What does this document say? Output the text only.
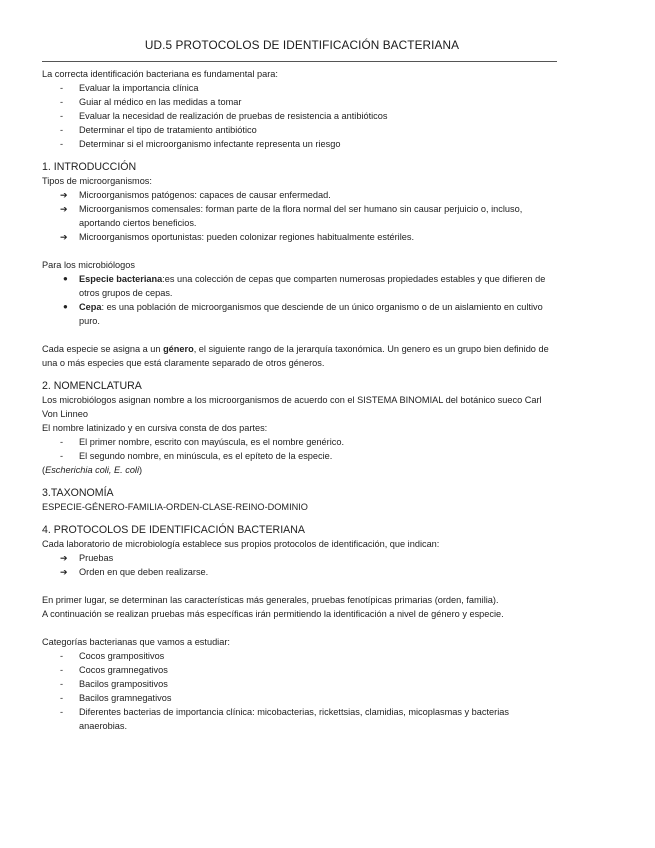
UD.5 PROTOCOLOS DE IDENTIFICACIÓN BACTERIANA

La correcta identificación bacteriana es fundamental para:

- Evaluar la importancia clínica
- Guiar al médico en las medidas a tomar
- Evaluar la necesidad de realización de pruebas de resistencia a antibióticos
- Determinar el tipo de tratamiento antibiótico
- Determinar si el microorganismo infectante representa un riesgo
1. INTRODUCCIÓN

Tipos de microorganismos:

➔ Microorganismos patógenos: capaces de causar enfermedad.
➔ Microorganismos comensales: forman parte de la flora normal del ser humano sin causar perjuicio o, incluso, aportando ciertos beneficios.
➔ Microorganismos oportunistas: pueden colonizar regiones habitualmente estériles.

Para los microbiólogos

● Especie bacteriana:es una colección de cepas que comparten numerosas propiedades estables y que difieren de otros grupos de cepas.
● Cepa: es una población de microorganismos que desciende de un único organismo o de un aislamiento en cultivo puro.

Cada especie se asigna a un género, el siguiente rango de la jerarquía taxonómica. Un genero es un grupo bien definido de una o más especies que está claramente separado de otros géneros.

2. NOMENCLATURA

Los microbiólogos asignan nombre a los microorganismos de acuerdo con el SISTEMA BINOMIAL del botánico sueco Carl Von Linneo

El nombre latinizado y en cursiva consta de dos partes:

- El primer nombre, escrito con mayúscula, es el nombre genérico.
- El segundo nombre, en minúscula, es el epíteto de la especie.

(Escherichia coli, E. coli)

3.TAXONOMÍA

ESPECIE-GÉNERO-FAMILIA-ORDEN-CLASE-REINO-DOMINIO

4. PROTOCOLOS DE IDENTIFICACIÓN BACTERIANA

Cada laboratorio de microbiología establece sus propios protocolos de identificación, que indican:

➔ Pruebas
➔ Orden en que deben realizarse.

En primer lugar, se determinan las características más generales, pruebas fenotípicas primarias (orden, familia).

A continuación se realizan pruebas más específicas irán permitiendo la identificación a nivel de género y especie.

Categorías bacterianas que vamos a estudiar:

- Cocos grampositivos
- Cocos gramnegativos
- Bacilos grampositivos
- Bacilos gramnegativos
- Diferentes bacterias de importancia clínica: micobacterias, rickettsias, clamidias, micoplasmas y bacterias anaerobias.
